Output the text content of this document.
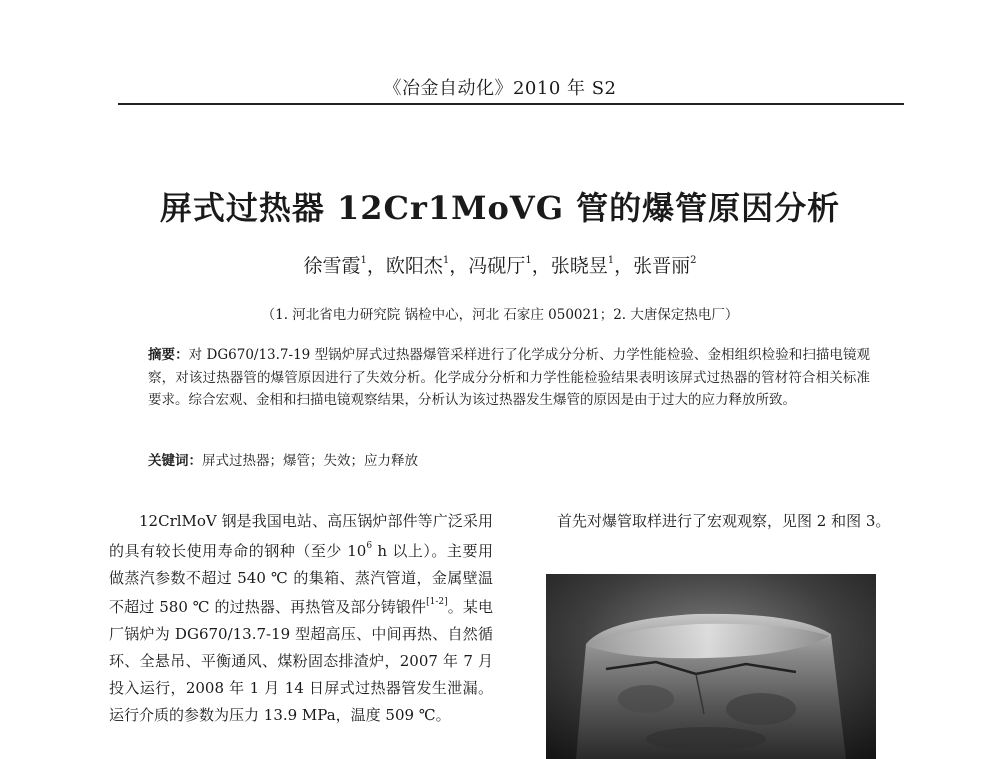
《冶金自动化》2010 年 S2
屏式过热器 12Cr1MoVG 管的爆管原因分析
徐雪霞$^1$，欧阳杰$^1$，冯砚厅$^1$，张晓昱$^1$，张晋丽$^2$
（1. 河北省电力研究院 锅检中心，河北 石家庄 050021；2. 大唐保定热电厂）
摘要：对 DG670/13.7-19 型锅炉屏式过热器爆管采样进行了化学成分分析、力学性能检验、金相组织检验和扫描电镜观察，对该过热器管的爆管原因进行了失效分析。化学成分分析和力学性能检验结果表明该屏式过热器的管材符合相关标准要求。综合宏观、金相和扫描电镜观察结果，分析认为该过热器发生爆管的原因是由于过大的应力释放所致。
关键词：屏式过热器；爆管；失效；应力释放
12CrlMoV 钢是我国电站、高压锅炉部件等广泛采用的具有较长使用寿命的钢种（至少 $10^6$ h 以上）。主要用做蒸汽参数不超过 540 ℃ 的集箱、蒸汽管道，金属壁温不超过 580 ℃ 的过热器、再热管及部分铸锻件[1-2]。某电厂锅炉为 DG670/13.7-19 型超高压、中间再热、自然循环、全悬吊、平衡通风、煤粉固态排渣炉，2007 年 7 月投入运行，2008 年 1 月 14 日屏式过热器管发生泄漏。运行介质的参数为压力 13.9 MPa，温度 509 ℃。
首先对爆管取样进行了宏观观察，见图 2 和图 3。
